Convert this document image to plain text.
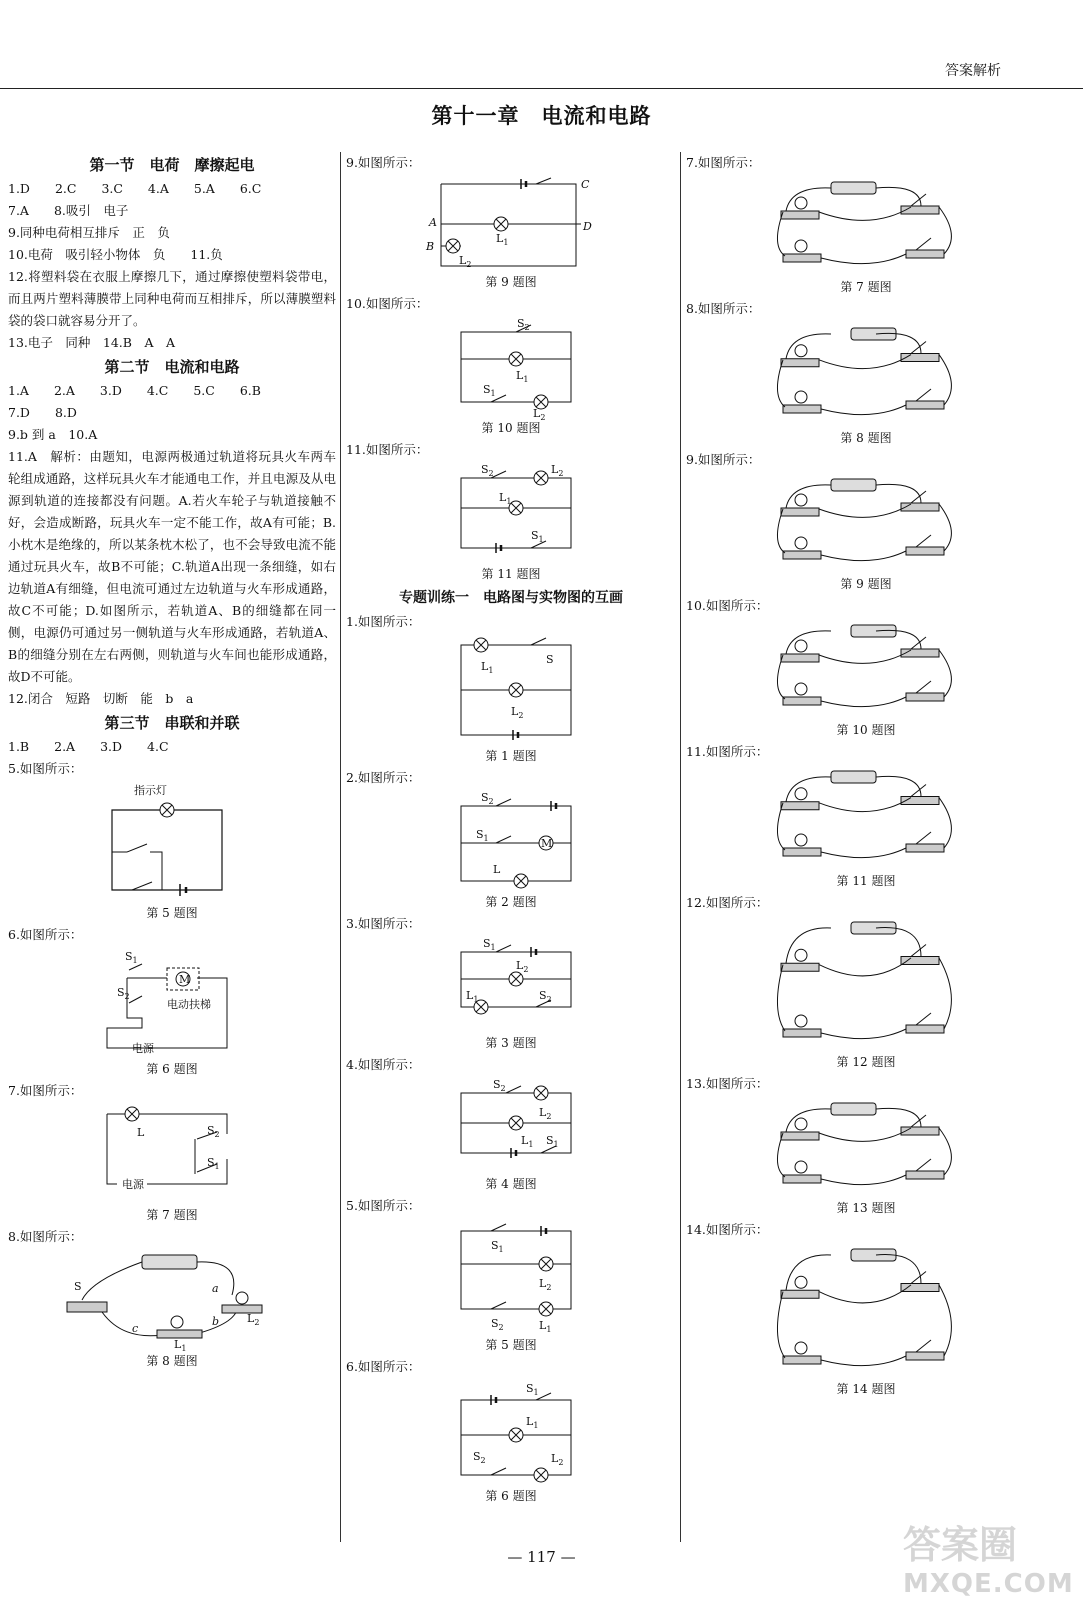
答案解析
第十一章　电流和电路
第一节　电荷　摩擦起电
1.D　　2.C　　3.C　　4.A　　5.A　　6.C
7.A　　8.吸引　电子
9.同种电荷相互排斥　正　负
10.电荷　吸引轻小物体　负　　11.负
12.将塑料袋在衣服上摩擦几下，通过摩擦使塑料袋带电，而且两片塑料薄膜带上同种电荷而互相排斥，所以薄膜塑料袋的袋口就容易分开了。
13.电子　同种　14.B　A　A
第二节　电流和电路
1.A　　2.A　　3.D　　4.C　　5.C　　6.B
7.D　　8.D
9.b 到 a　10.A
11.A　解析：由题知，电源两极通过轨道将玩具火车两车轮组成通路，这样玩具火车才能通电工作，并且电源及从电源到轨道的连接都没有问题。A.若火车轮子与轨道接触不好，会造成断路，玩具火车一定不能工作，故A有可能；B.小枕木是绝缘的，所以某条枕木松了，也不会导致电流不能通过玩具火车，故B不可能；C.轨道A出现一条细缝，如右边轨道A有细缝，但电流可通过左边轨道与火车形成通路，故C不可能；D.如图所示，若轨道A、B的细缝都在同一侧，电源仍可通过另一侧轨道与火车形成通路，若轨道A、B的细缝分别在左右两侧，则轨道与火车间也能形成通路，故D不可能。
12.闭合　短路　切断　能　b　a
第三节　串联和并联
1.B　　2.A　　3.D　　4.C
5.如图所示：
指示灯
第 5 题图
6.如图所示：
$S_1$
$S_2$
M
电动扶梯
电源
第 6 题图
7.如图所示：
L	$S_2$
$S_1$
电源
第 7 题图
8.如图所示：
S	a
b
c
$L_1$
$L_2$
第 8 题图
9.如图所示：
A
B
C
D
$L_1$
$L_2$
第 9 题图
10.如图所示：
$S_2$
$L_1$
$S_1$
$L_2$
第 10 题图
11.如图所示：
$S_2$	$L_2$
$L_1$
$S_1$
第 11 题图
专题训练一　电路图与实物图的互画
1.如图所示：
S
$L_1$
$L_2$
第 1 题图
2.如图所示：
M
$S_2$
$S_1$
L
第 2 题图
3.如图所示：
$S_1$
$L_2$
$L_1$	$S_2$
第 3 题图
4.如图所示：
$S_2$
$L_2$
$L_1$ $S_1$
第 4 题图
5.如图所示：
$S_1$
$L_2$
$S_2$	$L_1$
第 5 题图
6.如图所示：
$S_1$
$L_1$
$S_2$	$L_2$
第 6 题图
7.如图所示：
第 7 题图
8.如图所示：
第 8 题图
9.如图所示：
第 9 题图
10.如图所示：
第 10 题图
11.如图所示：
第 11 题图
12.如图所示：
第 12 题图
13.如图所示：
第 13 题图
14.如图所示：
第 14 题图
— 117 —	答案圈
MXQE.COM
